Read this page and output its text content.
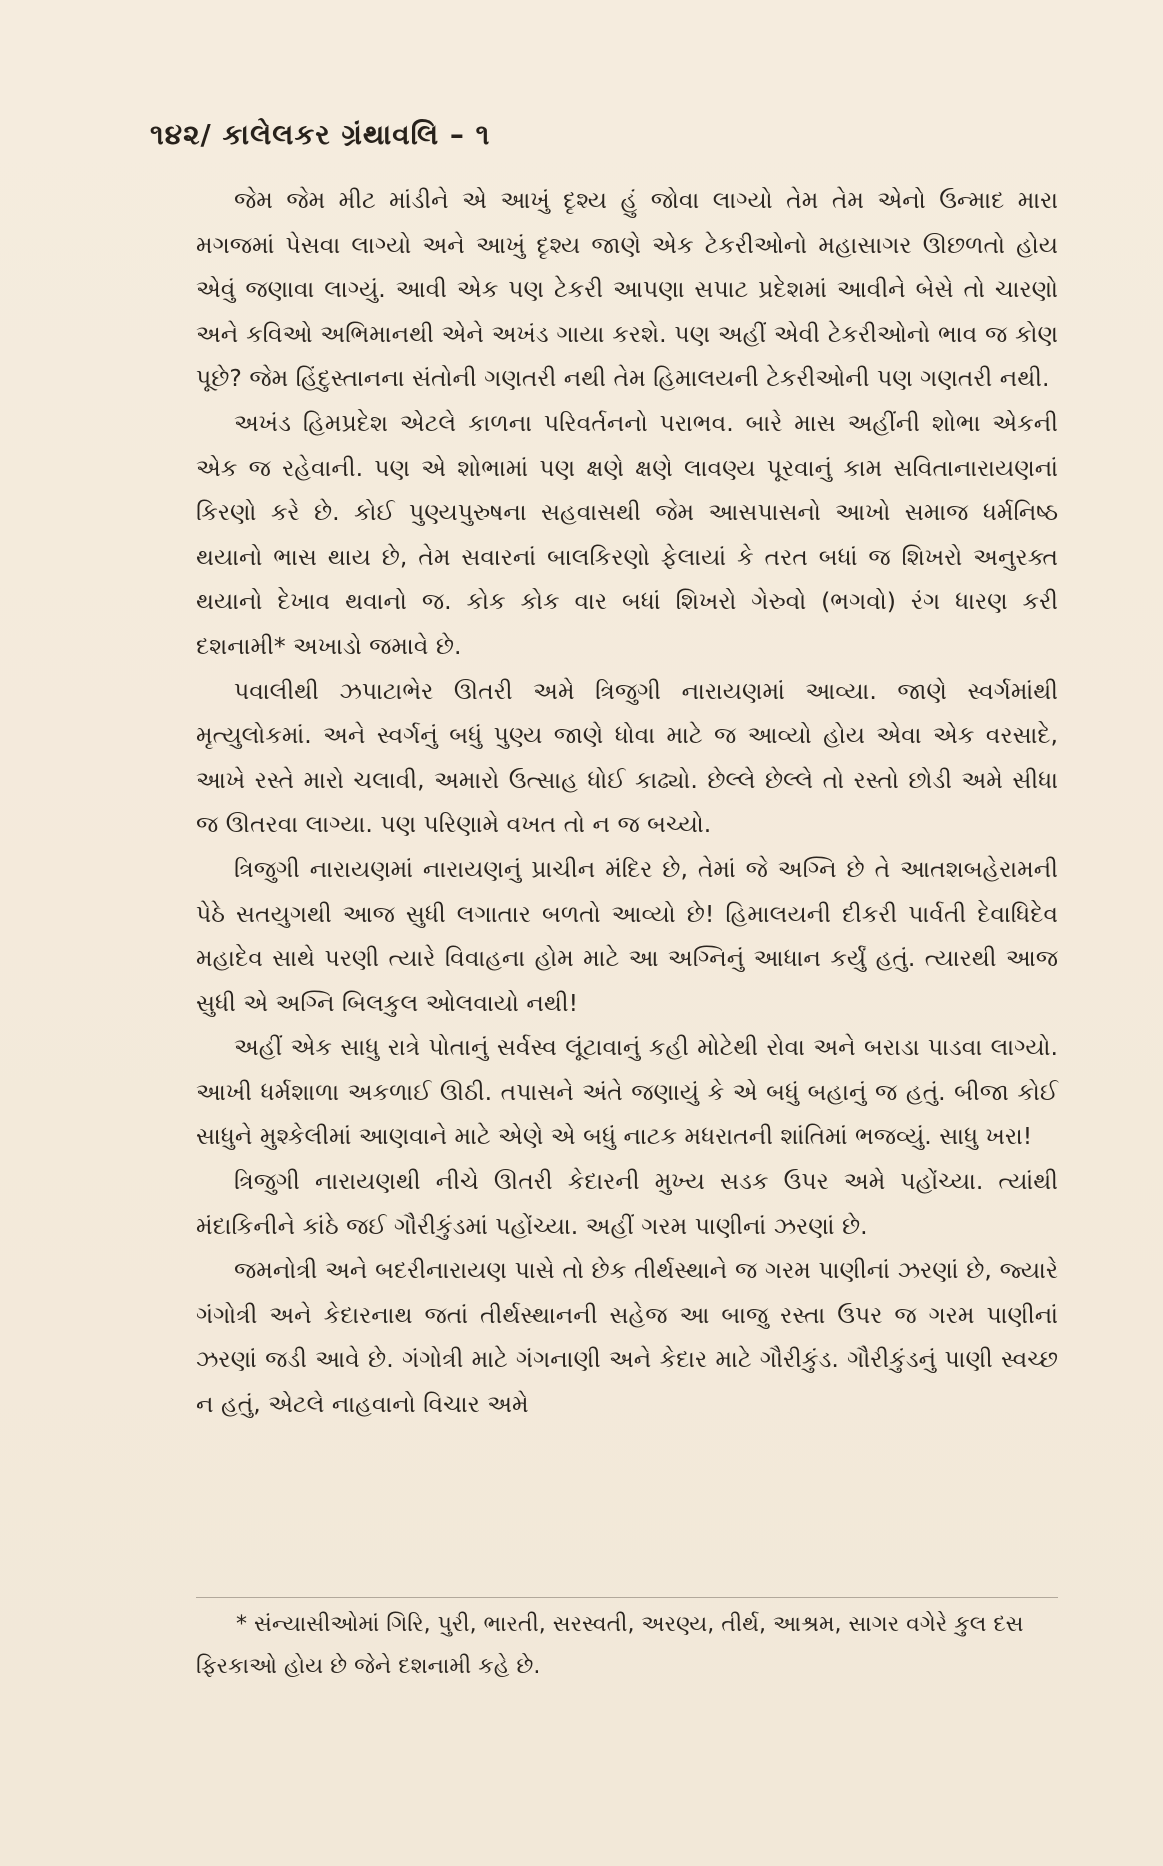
૧૪૨/ કાલેલકર ગ્રંથાવલિ – ૧

જેમ જેમ મીટ માંડીને એ આખું દૃશ્ય હું જોવા લાગ્યો તેમ તેમ એનો ઉન્માદ મારા મગજમાં પેસવા લાગ્યો અને આખું દૃશ્ય જાણે એક ટેકરીઓનો મહાસાગર ઊછળતો હોય એવું જણાવા લાગ્યું. આવી એક પણ ટેકરી આપણા સપાટ પ્રદેશમાં આવીને બેસે તો ચારણો અને કવિઓ અભિમાનથી એને અખંડ ગાયા કરશે. પણ અહીં એવી ટેકરીઓનો ભાવ જ કોણ પૂછે? જેમ હિંદુસ્તાનના સંતોની ગણતરી નથી તેમ હિમાલયની ટેકરીઓની પણ ગણતરી નથી.

અખંડ હિમપ્રદેશ એટલે કાળના પરિવર્તનનો પરાભવ. બારે માસ અહીંની શોભા એકની એક જ રહેવાની. પણ એ શોભામાં પણ ક્ષણે ક્ષણે લાવણ્ય પૂરવાનું કામ સવિતાનારાયણનાં કિરણો કરે છે. કોઈ પુણ્યપુરુષના સહવાસથી જેમ આસપાસનો આખો સમાજ ધર્મનિષ્ઠ થયાનો ભાસ થાય છે, તેમ સવારનાં બાલકિરણો ફેલાયાં કે તરત બધાં જ શિખરો અનુરક્ત થયાનો દેખાવ થવાનો જ. કોક કોક વાર બધાં શિખરો ગેરુવો (ભગવો) રંગ ધારણ કરી દશનામી* અખાડો જમાવે છે.

પવાલીથી ઝપાટાભેર ઊતરી અમે ત્રિજુગી નારાયણમાં આવ્યા. જાણે સ્વર્ગમાંથી મૃત્યુલોકમાં. અને સ્વર્ગનું બધું પુણ્ય જાણે ધોવા માટે જ આવ્યો હોય એવા એક વરસાદે, આખે રસ્તે મારો ચલાવી, અમારો ઉત્સાહ ધોઈ કાઢ્યો. છેલ્લે છેલ્લે તો રસ્તો છોડી અમે સીધા જ ઊતરવા લાગ્યા. પણ પરિણામે વખત તો ન જ બચ્યો.

ત્રિજુગી નારાયણમાં નારાયણનું પ્રાચીન મંદિર છે, તેમાં જે અગ્નિ છે તે આતશબહેરામની પેઠે સતયુગથી આજ સુધી લગાતાર બળતો આવ્યો છે! હિમાલયની દીકરી પાર્વતી દેવાધિદેવ મહાદેવ સાથે પરણી ત્યારે વિવાહના હોમ માટે આ અગ્નિનું આધાન કર્યું હતું. ત્યારથી આજ સુધી એ અગ્નિ બિલકુલ ઓલવાયો નથી!

અહીં એક સાધુ રાત્રે પોતાનું સર્વસ્વ લૂંટાવાનું કહી મોટેથી રોવા અને બરાડા પાડવા લાગ્યો. આખી ધર્મશાળા અકળાઈ ઊઠી. તપાસને અંતે જણાયું કે એ બધું બહાનું જ હતું. બીજા કોઈ સાધુને મુશ્કેલીમાં આણવાને માટે એણે એ બધું નાટક મધરાતની શાંતિમાં ભજવ્યું. સાધુ ખરા!

ત્રિજુગી નારાયણથી નીચે ઊતરી કેદારની મુખ્ય સડક ઉપર અમે પહોંચ્યા. ત્યાંથી મંદાકિનીને કાંઠે જઈ ગૌરીકુંડમાં પહોંચ્યા. અહીં ગરમ પાણીનાં ઝરણાં છે.

જમનોત્રી અને બદરીનારાયણ પાસે તો છેક તીર્થસ્થાને જ ગરમ પાણીનાં ઝરણાં છે, જ્યારે ગંગોત્રી અને કેદારનાથ જતાં તીર્થસ્થાનની સહેજ આ બાજુ રસ્તા ઉપર જ ગરમ પાણીનાં ઝરણાં જડી આવે છે. ગંગોત્રી માટે ગંગનાણી અને કેદાર માટે ગૌરીકુંડ. ગૌરીકુંડનું પાણી સ્વચ્છ ન હતું, એટલે નાહવાનો વિચાર અમે

* સંન્યાસીઓમાં ગિરિ, પુરી, ભારતી, સરસ્વતી, અરણ્ય, તીર્થ, આશ્રમ, સાગર વગેરે કુલ દસ ફિરકાઓ હોય છે જેને દશનામી કહે છે.
